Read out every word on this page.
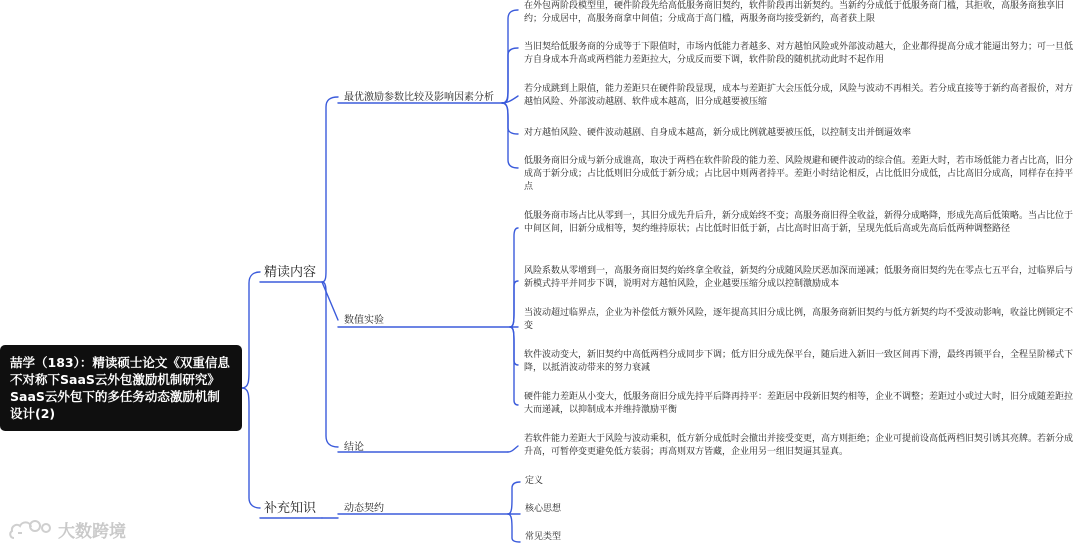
喆学（183）：精读硕士论文《双重信息不对称下SaaS云外包激励机制研究》SaaS云外包下的多任务动态激励机制设计(2)
精读内容
补充知识
最优激励参数比较及影响因素分析
数值实验
结论
动态契约
在外包两阶段模型里，硬件阶段先给高低服务商旧契约，软件阶段再出新契约。当新约分成低于低服务商门槛，其拒收，高服务商独享旧约；分成居中，高服务商拿中间值；分成高于高门槛，两服务商均接受新约，高者获上限
当旧契给低服务商的分成等于下限值时，市场内低能力者越多、对方越怕风险或外部波动越大，企业都得提高分成才能逼出努力；可一旦低方自身成本升高或两档能力差距拉大，分成反而要下调，软件阶段的随机扰动此时不起作用
若分成跳到上限值，能力差距只在硬件阶段显现，成本与差距扩大会压低分成，风险与波动不再相关。若分成直接等于新约高者报价，对方越怕风险、外部波动越剧、软件成本越高，旧分成越要被压缩
对方越怕风险、硬件波动越剧、自身成本越高，新分成比例就越要被压低，以控制支出并倒逼效率
低服务商旧分成与新分成谁高，取决于两档在软件阶段的能力差、风险规避和硬件波动的综合值。差距大时，若市场低能力者占比高，旧分成高于新分成；占比低则旧分成低于新分成；占比居中则两者持平。差距小时结论相反，占比低旧分成低，占比高旧分成高，同样存在持平点
低服务商市场占比从零到一，其旧分成先升后升，新分成始终不变；高服务商旧得全收益，新得分成略降，形成先高后低策略。当占比位于中间区间，旧新分成相等，契约维持原状；占比低时旧低于新，占比高时旧高于新，呈现先低后高或先高后低两种调整路径
风险系数从零增到一，高服务商旧契约始终拿全收益，新契约分成随风险厌恶加深而递减；低服务商旧契约先在零点七五平台，过临界后与新模式持平并同步下调，说明对方越怕风险，企业越要压缩分成以控制激励成本
当波动超过临界点，企业为补偿低方额外风险，逐年提高其旧分成比例，高服务商新旧契约与低方新契约均不受波动影响，收益比例锁定不变
软件波动变大，新旧契约中高低两档分成同步下调；低方旧分成先保平台，随后进入新旧一致区间再下滑，最终再锁平台，全程呈阶梯式下降，以抵消波动带来的努力衰减
硬件能力差距从小变大，低服务商旧分成先持平后降再持平：差距居中段新旧契约相等，企业不调整；差距过小或过大时，旧分成随差距拉大而递减，以抑制成本并维持激励平衡
若软件能力差距大于风险与波动乘积，低方新分成低时会撤出并接受变更，高方则拒绝；企业可提前设高低两档旧契引诱其亮牌。若新分成升高，可暂停变更避免低方装弱；再高则双方皆藏，企业用另一组旧契逼其显真。
定义
核心思想
常见类型
大数跨境
